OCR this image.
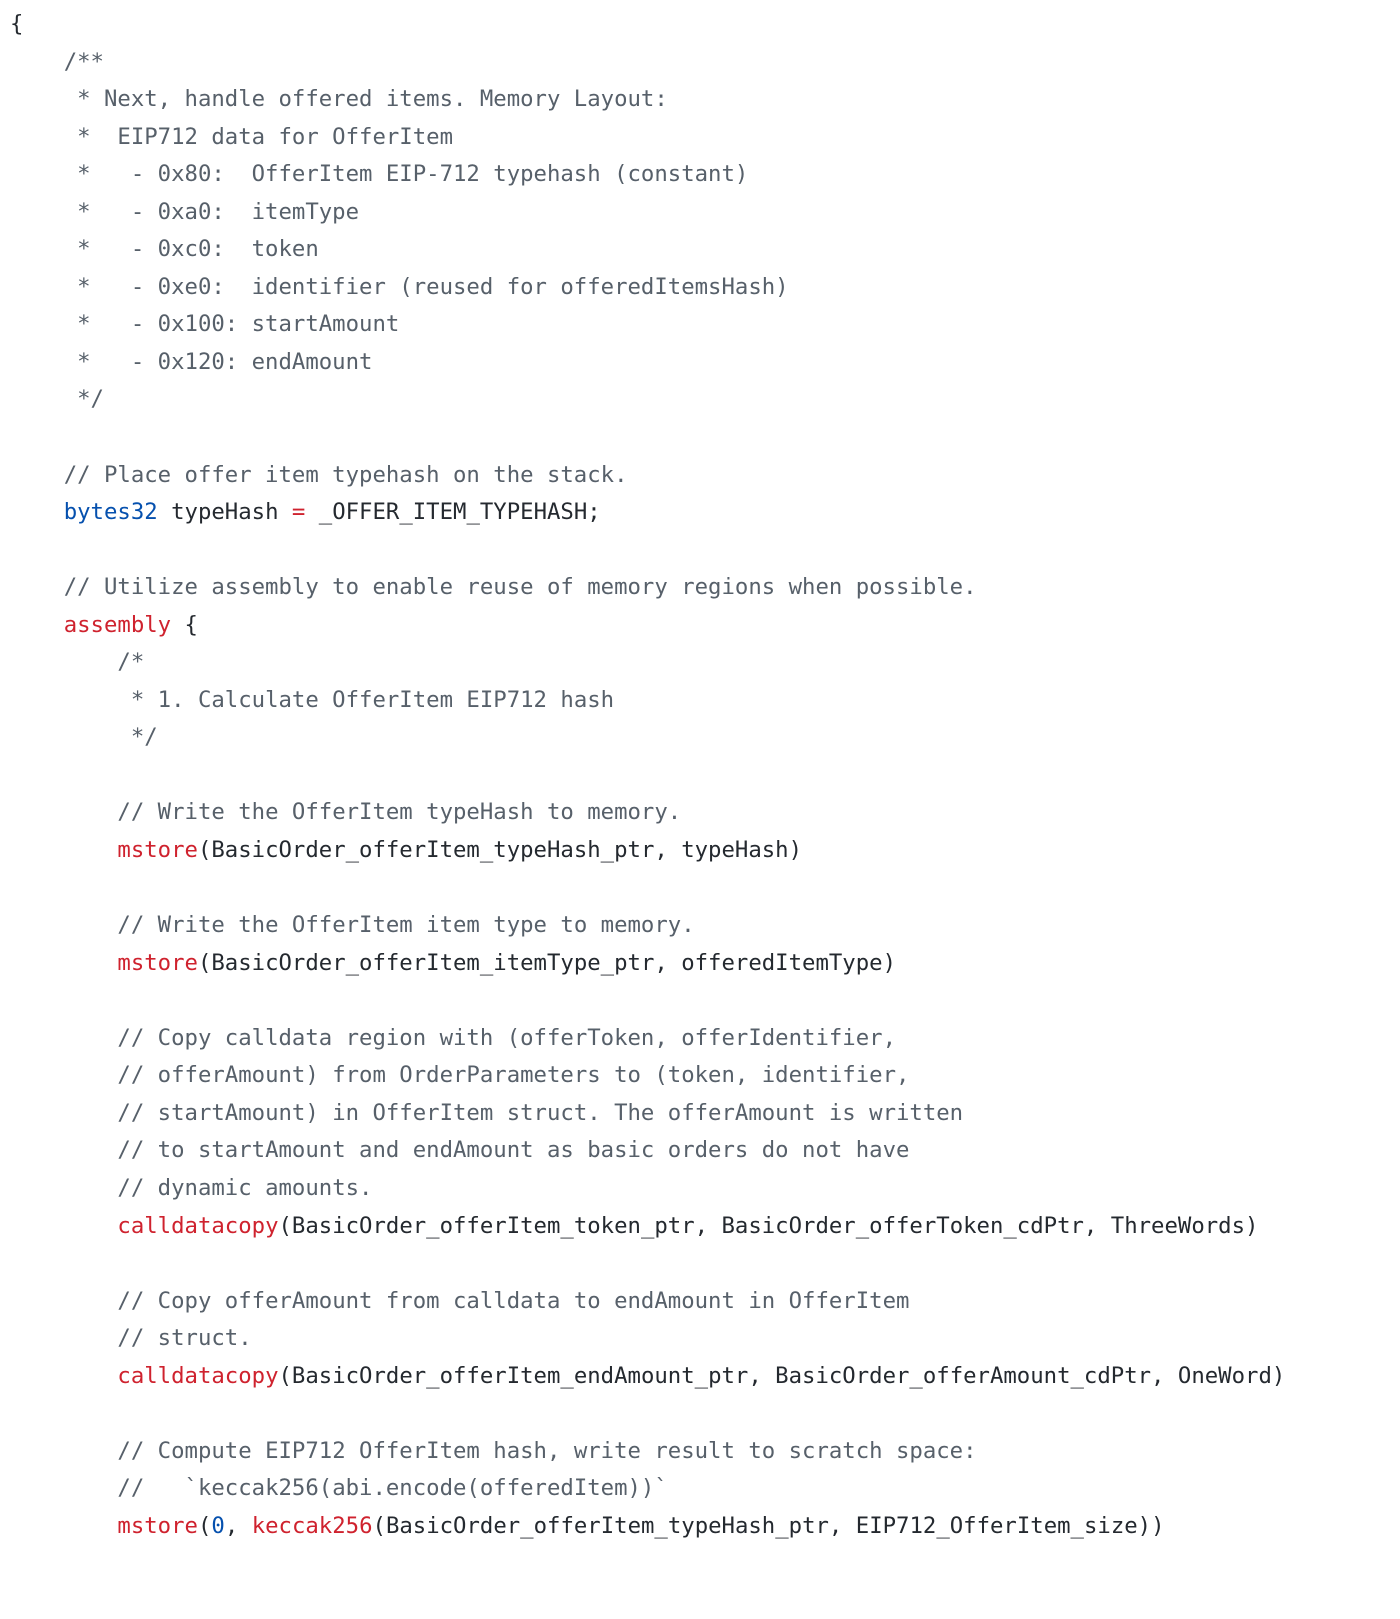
{
/**
* Next, handle offered items. Memory Layout:
*  EIP712 data for OfferItem
*   - 0x80:  OfferItem EIP-712 typehash (constant)
*   - 0xa0:  itemType
*   - 0xc0:  token
*   - 0xe0:  identifier (reused for offeredItemsHash)
*   - 0x100: startAmount
*   - 0x120: endAmount
*/
// Place offer item typehash on the stack.
bytes32 typeHash = _OFFER_ITEM_TYPEHASH;
// Utilize assembly to enable reuse of memory regions when possible.
assembly {
/*
* 1. Calculate OfferItem EIP712 hash
*/
// Write the OfferItem typeHash to memory.
mstore(BasicOrder_offerItem_typeHash_ptr, typeHash)
// Write the OfferItem item type to memory.
mstore(BasicOrder_offerItem_itemType_ptr, offeredItemType)
// Copy calldata region with (offerToken, offerIdentifier,
// offerAmount) from OrderParameters to (token, identifier,
// startAmount) in OfferItem struct. The offerAmount is written
// to startAmount and endAmount as basic orders do not have
// dynamic amounts.
calldatacopy(BasicOrder_offerItem_token_ptr, BasicOrder_offerToken_cdPtr, ThreeWords)
// Copy offerAmount from calldata to endAmount in OfferItem
// struct.
calldatacopy(BasicOrder_offerItem_endAmount_ptr, BasicOrder_offerAmount_cdPtr, OneWord)
// Compute EIP712 OfferItem hash, write result to scratch space:
//   `keccak256(abi.encode(offeredItem))`
mstore(0, keccak256(BasicOrder_offerItem_typeHash_ptr, EIP712_OfferItem_size))
